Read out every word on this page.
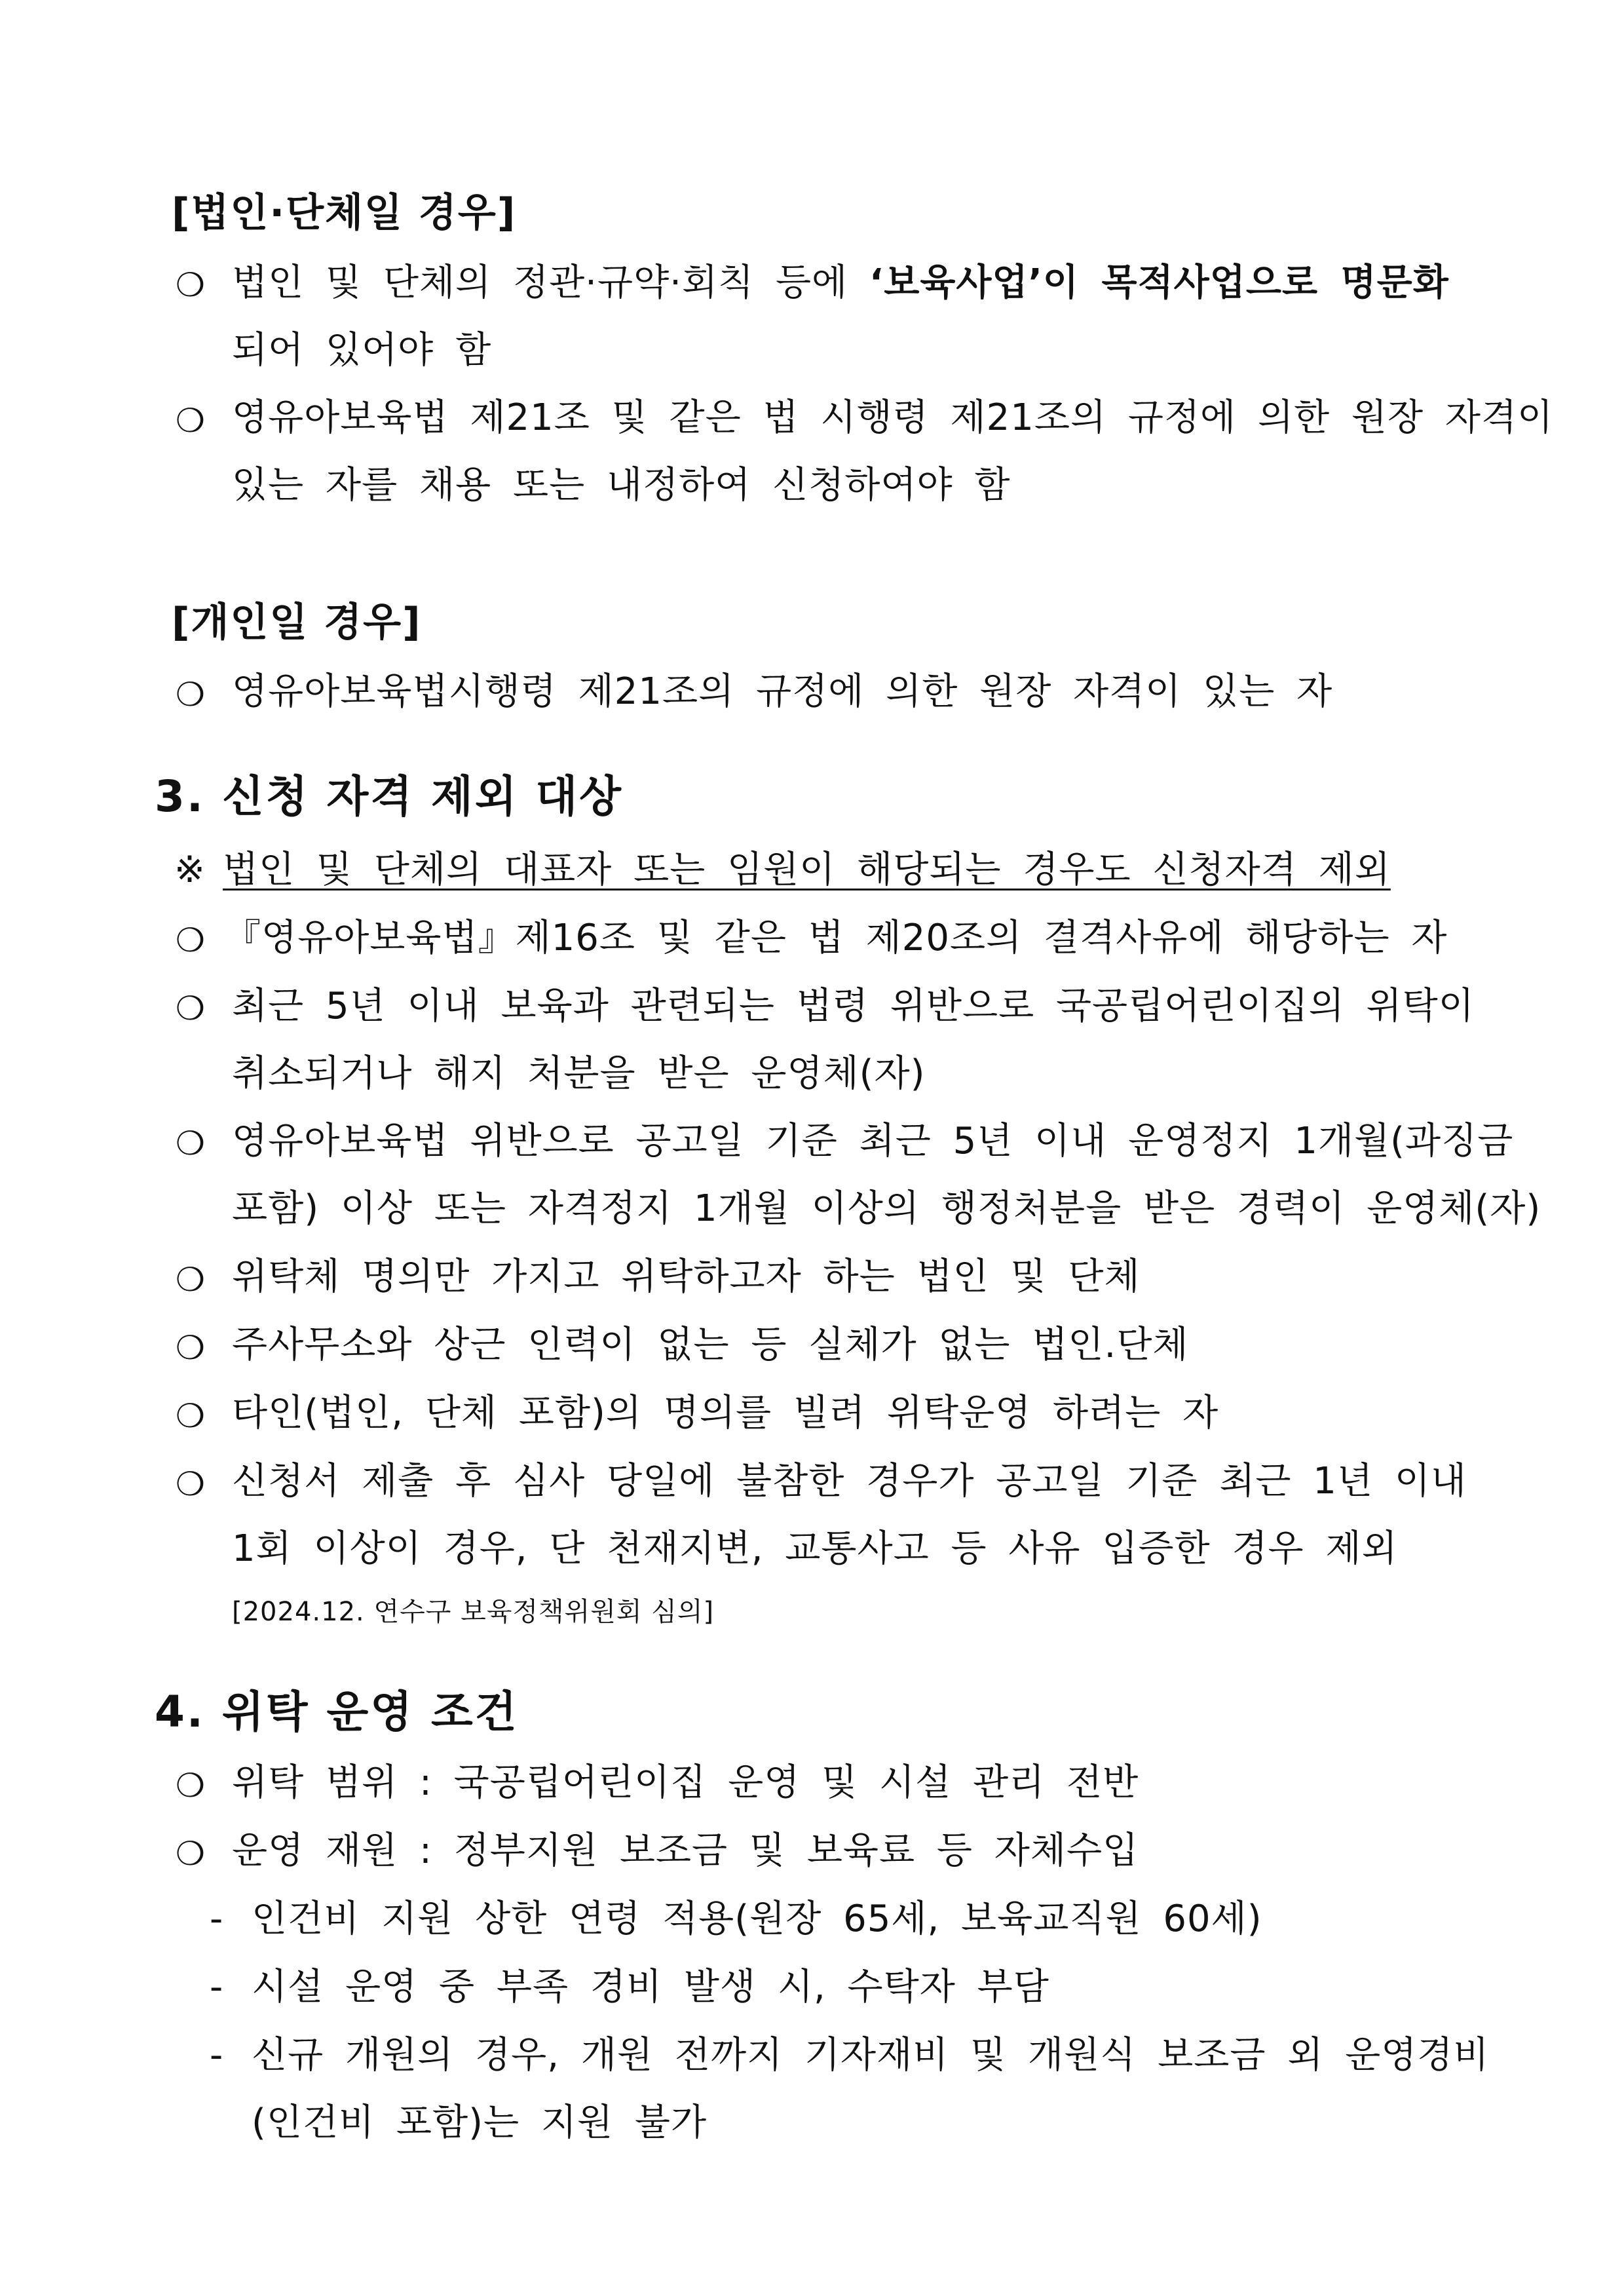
[법인·단체일 경우]
❍ 법인 및 단체의 정관·규약·회칙 등에 ‘보육사업’이 목적사업으로 명문화
되어 있어야 함
❍ 영유아보육법 제21조 및 같은 법 시행령 제21조의 규정에 의한 원장 자격이
있는 자를 채용 또는 내정하여 신청하여야 함
[개인일 경우]
❍ 영유아보육법시행령 제21조의 규정에 의한 원장 자격이 있는 자
3. 신청 자격 제외 대상
※ 법인 및 단체의 대표자 또는 임원이 해당되는 경우도 신청자격 제외
❍ 『영유아보육법』제16조 및 같은 법 제20조의 결격사유에 해당하는 자
❍ 최근 5년 이내 보육과 관련되는 법령 위반으로 국공립어린이집의 위탁이
취소되거나 해지 처분을 받은 운영체(자)
❍ 영유아보육법 위반으로 공고일 기준 최근 5년 이내 운영정지 1개월(과징금
포함) 이상 또는 자격정지 1개월 이상의 행정처분을 받은 경력이 운영체(자)
❍ 위탁체 명의만 가지고 위탁하고자 하는 법인 및 단체
❍ 주사무소와 상근 인력이 없는 등 실체가 없는 법인.단체
❍ 타인(법인, 단체 포함)의 명의를 빌려 위탁운영 하려는 자
❍ 신청서 제출 후 심사 당일에 불참한 경우가 공고일 기준 최근 1년 이내
1회 이상이 경우, 단 천재지변, 교통사고 등 사유 입증한 경우 제외
[2024.12. 연수구 보육정책위원회 심의]
4. 위탁 운영 조건
❍ 위탁 범위 : 국공립어린이집 운영 및 시설 관리 전반
❍ 운영 재원 : 정부지원 보조금 및 보육료 등 자체수입
- 인건비 지원 상한 연령 적용(원장 65세, 보육교직원 60세)
- 시설 운영 중 부족 경비 발생 시, 수탁자 부담
- 신규 개원의 경우, 개원 전까지 기자재비 및 개원식 보조금 외 운영경비
(인건비 포함)는 지원 불가
